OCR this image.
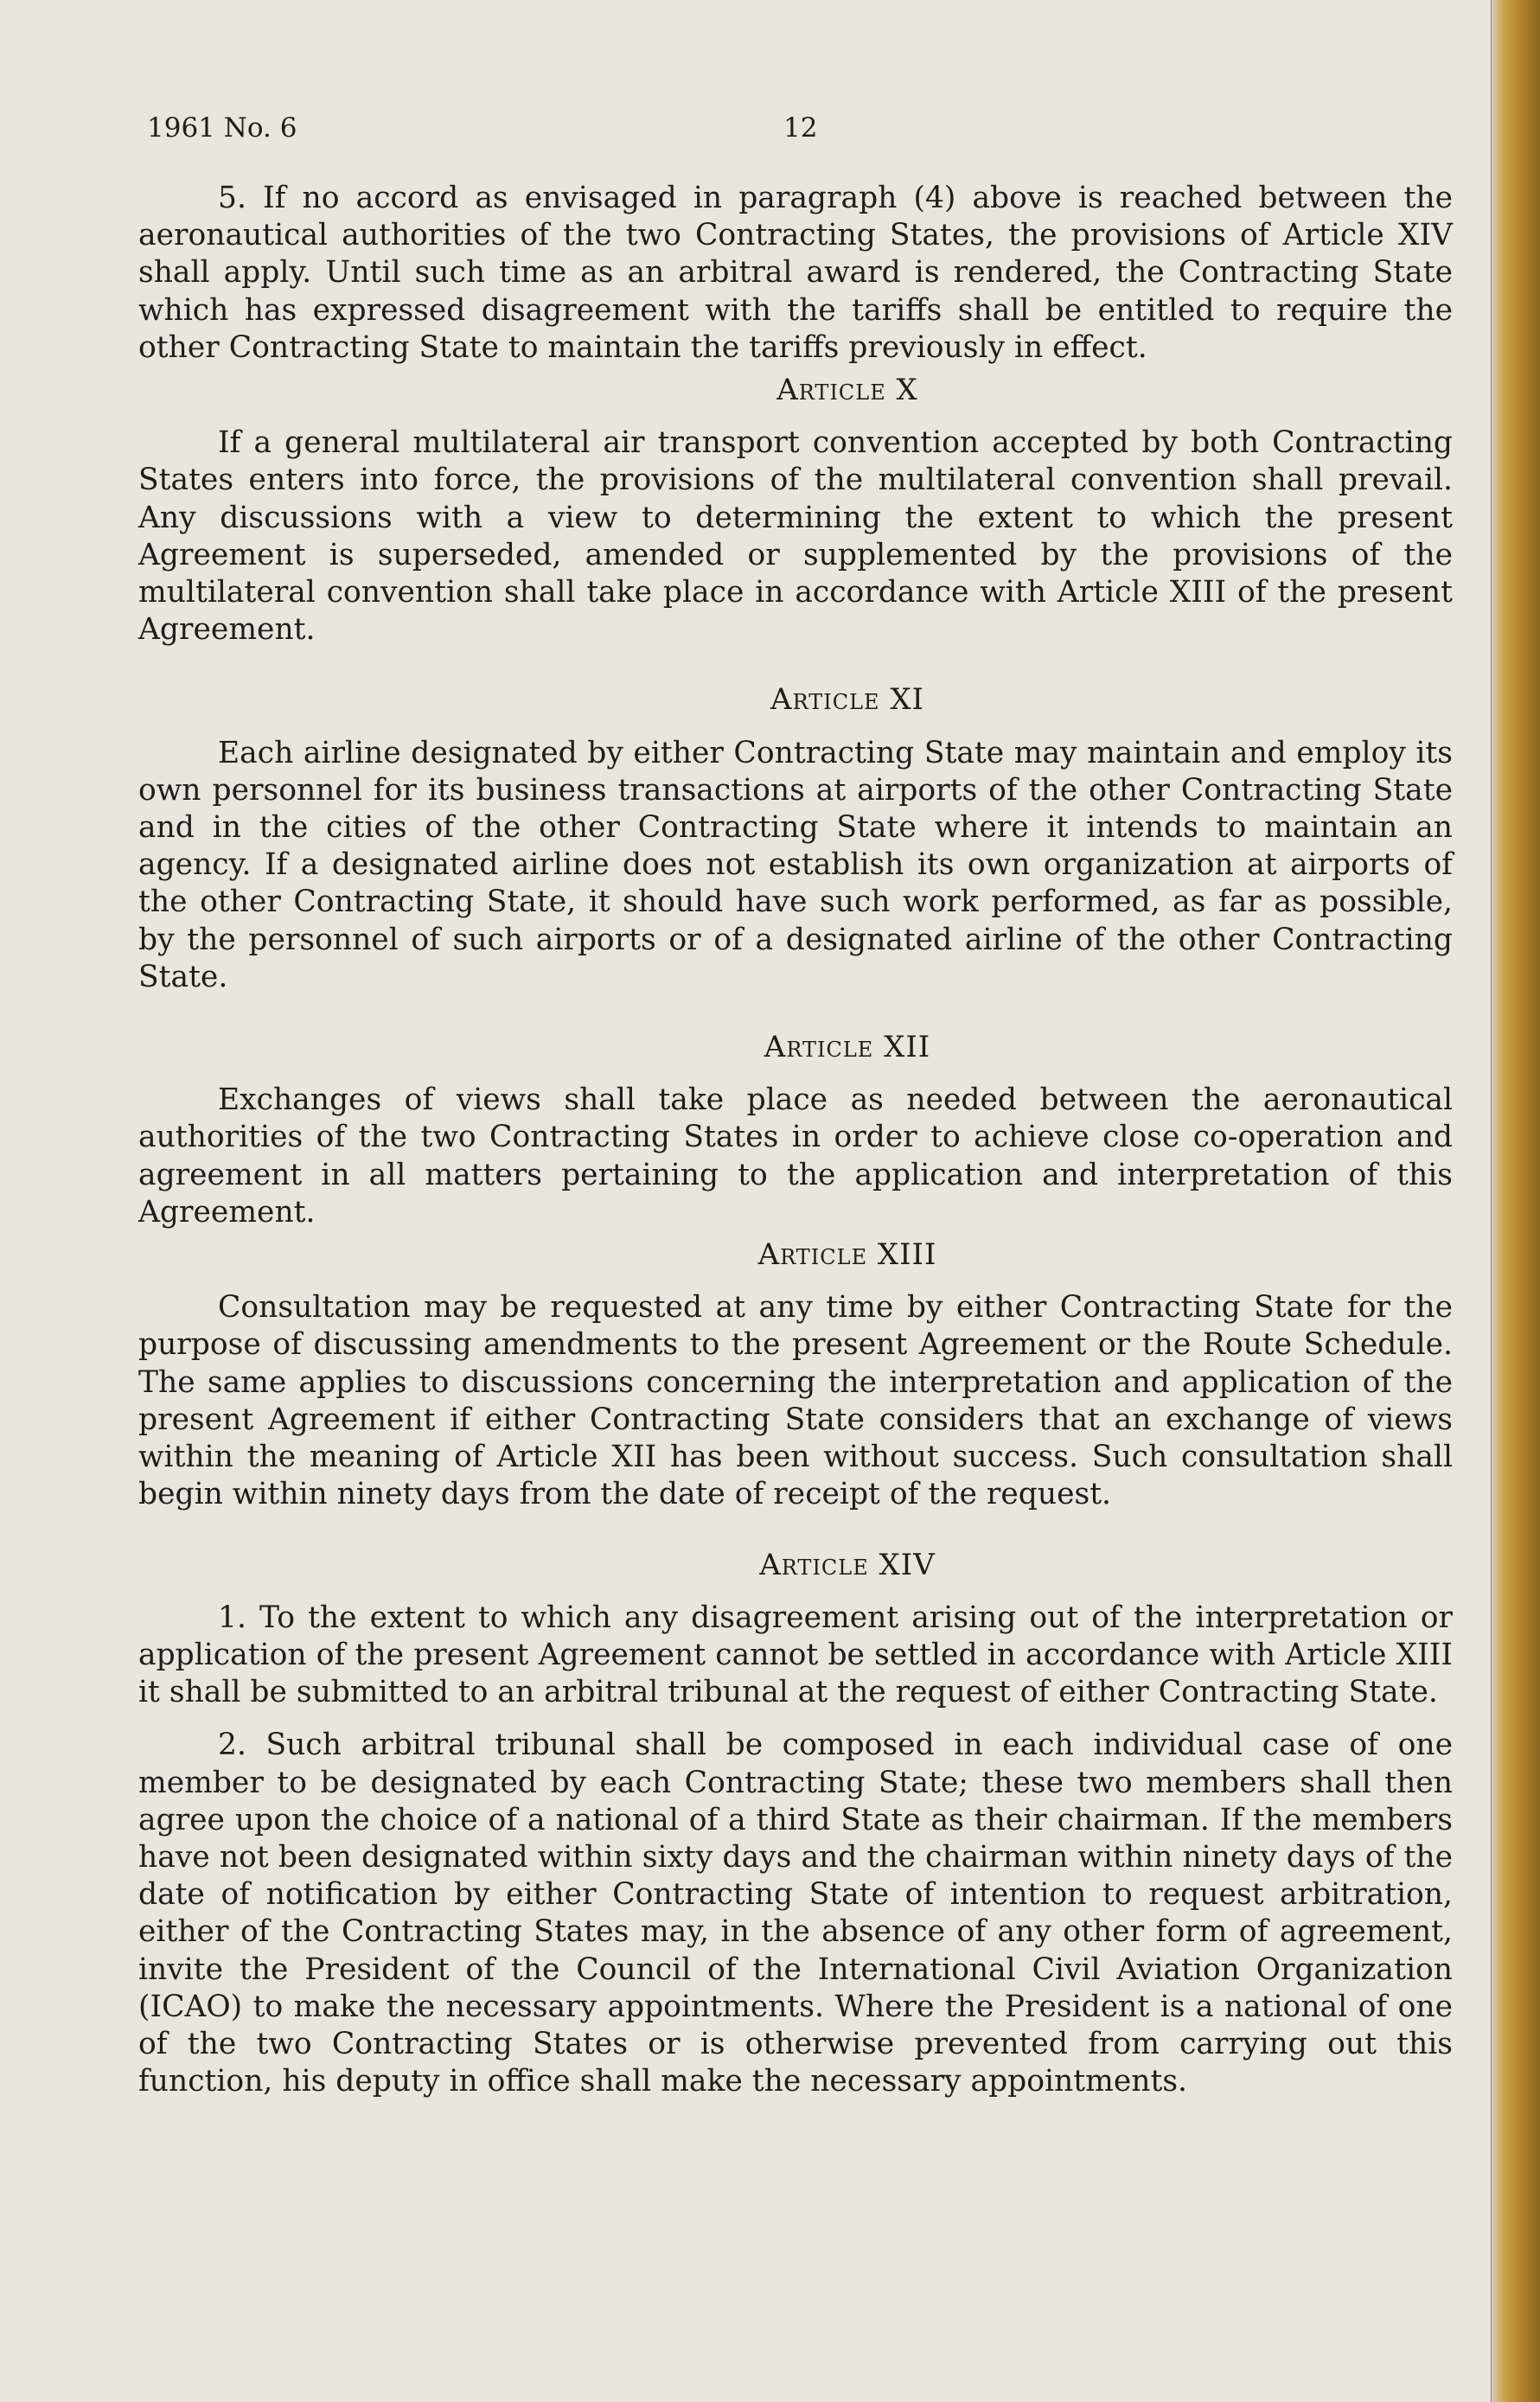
1961 No. 6	12

5. If no accord as envisaged in paragraph (4) above is reached between the aeronautical authorities of the two Contracting States, the provisions of Article XIV shall apply. Until such time as an arbitral award is rendered, the Contracting State which has expressed disagreement with the tariffs shall be entitled to require the other Contracting State to maintain the tariffs previously in effect.

Article X

If a general multilateral air transport convention accepted by both Contracting States enters into force, the provisions of the multilateral convention shall prevail. Any discussions with a view to determining the extent to which the present Agreement is superseded, amended or supplemented by the provisions of the multilateral convention shall take place in accordance with Article XIII of the present Agreement.

Article XI

Each airline designated by either Contracting State may maintain and employ its own personnel for its business transactions at airports of the other Contracting State and in the cities of the other Contracting State where it intends to maintain an agency. If a designated airline does not establish its own organization at airports of the other Contracting State, it should have such work performed, as far as possible, by the personnel of such airports or of a designated airline of the other Contracting State.

Article XII

Exchanges of views shall take place as needed between the aeronautical authorities of the two Contracting States in order to achieve close co-operation and agreement in all matters pertaining to the application and interpretation of this Agreement.

Article XIII

Consultation may be requested at any time by either Contracting State for the purpose of discussing amendments to the present Agreement or the Route Schedule. The same applies to discussions concerning the interpretation and application of the present Agreement if either Contracting State considers that an exchange of views within the meaning of Article XII has been without success. Such consultation shall begin within ninety days from the date of receipt of the request.

Article XIV

1. To the extent to which any disagreement arising out of the interpretation or application of the present Agreement cannot be settled in accordance with Article XIII it shall be submitted to an arbitral tribunal at the request of either Contracting State.

2. Such arbitral tribunal shall be composed in each individual case of one member to be designated by each Contracting State; these two members shall then agree upon the choice of a national of a third State as their chairman. If the members have not been designated within sixty days and the chairman within ninety days of the date of notification by either Contracting State of intention to request arbitration, either of the Contracting States may, in the absence of any other form of agreement, invite the President of the Council of the International Civil Aviation Organization (ICAO) to make the necessary appointments. Where the President is a national of one of the two Contracting States or is otherwise prevented from carrying out this function, his deputy in office shall make the necessary appointments.
